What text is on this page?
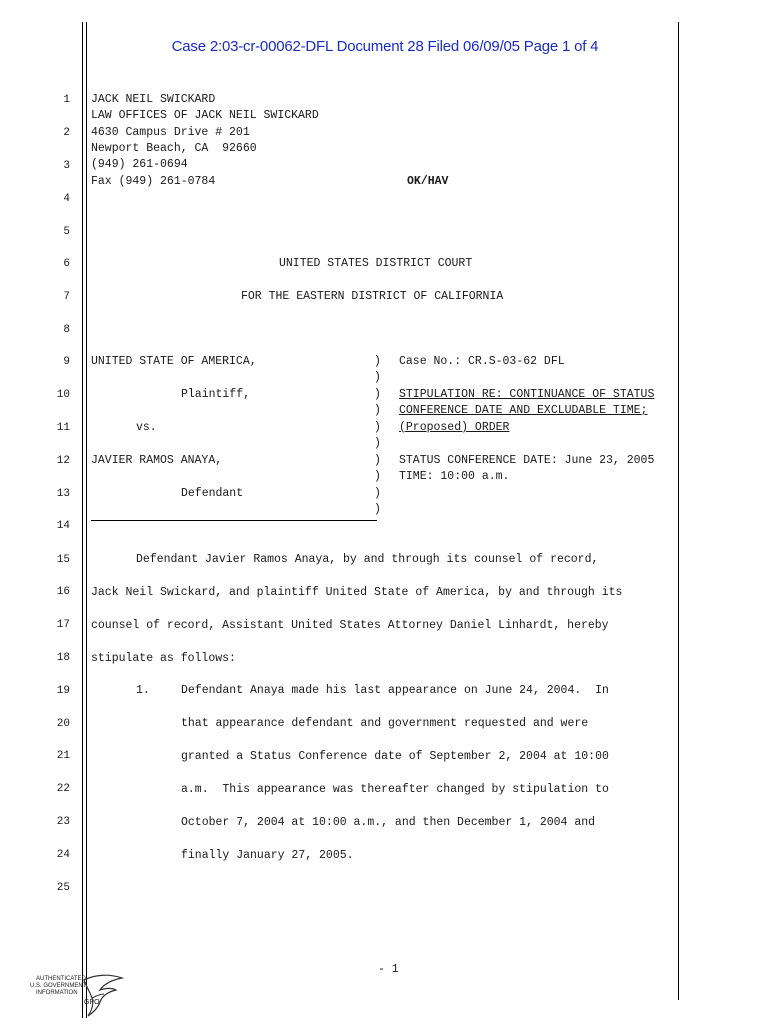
Case 2:03-cr-00062-DFL Document 28 Filed 06/09/05 Page 1 of 4
1
2
3
4
5
6
7
8
9
10
11
12
13
14
15
16
17
18
19
20
21
22
23
24
25
JACK NEIL SWICKARD
LAW OFFICES OF JACK NEIL SWICKARD
4630 Campus Drive # 201
Newport Beach, CA  92660
(949) 261-0694
Fax (949) 261-0784	OK/HAV
UNITED STATES DISTRICT COURT
FOR THE EASTERN DISTRICT OF CALIFORNIA
UNITED STATE OF AMERICA,
Plaintiff,
vs.
JAVIER RAMOS ANAYA,
Defendant
)
)
)
)
)
)
)
)
)
)
Case No.: CR.S-03-62 DFL
STIPULATION RE: CONTINUANCE OF STATUS
CONFERENCE DATE AND EXCLUDABLE TIME;
(Proposed) ORDER
STATUS CONFERENCE DATE: June 23, 2005
TIME: 10:00 a.m.
Defendant Javier Ramos Anaya, by and through its counsel of record,
Jack Neil Swickard, and plaintiff United State of America, by and through its
counsel of record, Assistant United States Attorney Daniel Linhardt, hereby
stipulate as follows:
1.	Defendant Anaya made his last appearance on June 24, 2004.  In
that appearance defendant and government requested and were
granted a Status Conference date of September 2, 2004 at 10:00
a.m.  This appearance was thereafter changed by stipulation to
October 7, 2004 at 10:00 a.m., and then December 1, 2004 and
finally January 27, 2005.
- 1
AUTHENTICATED
U.S. GOVERNMENT
INFORMATION
GPO
